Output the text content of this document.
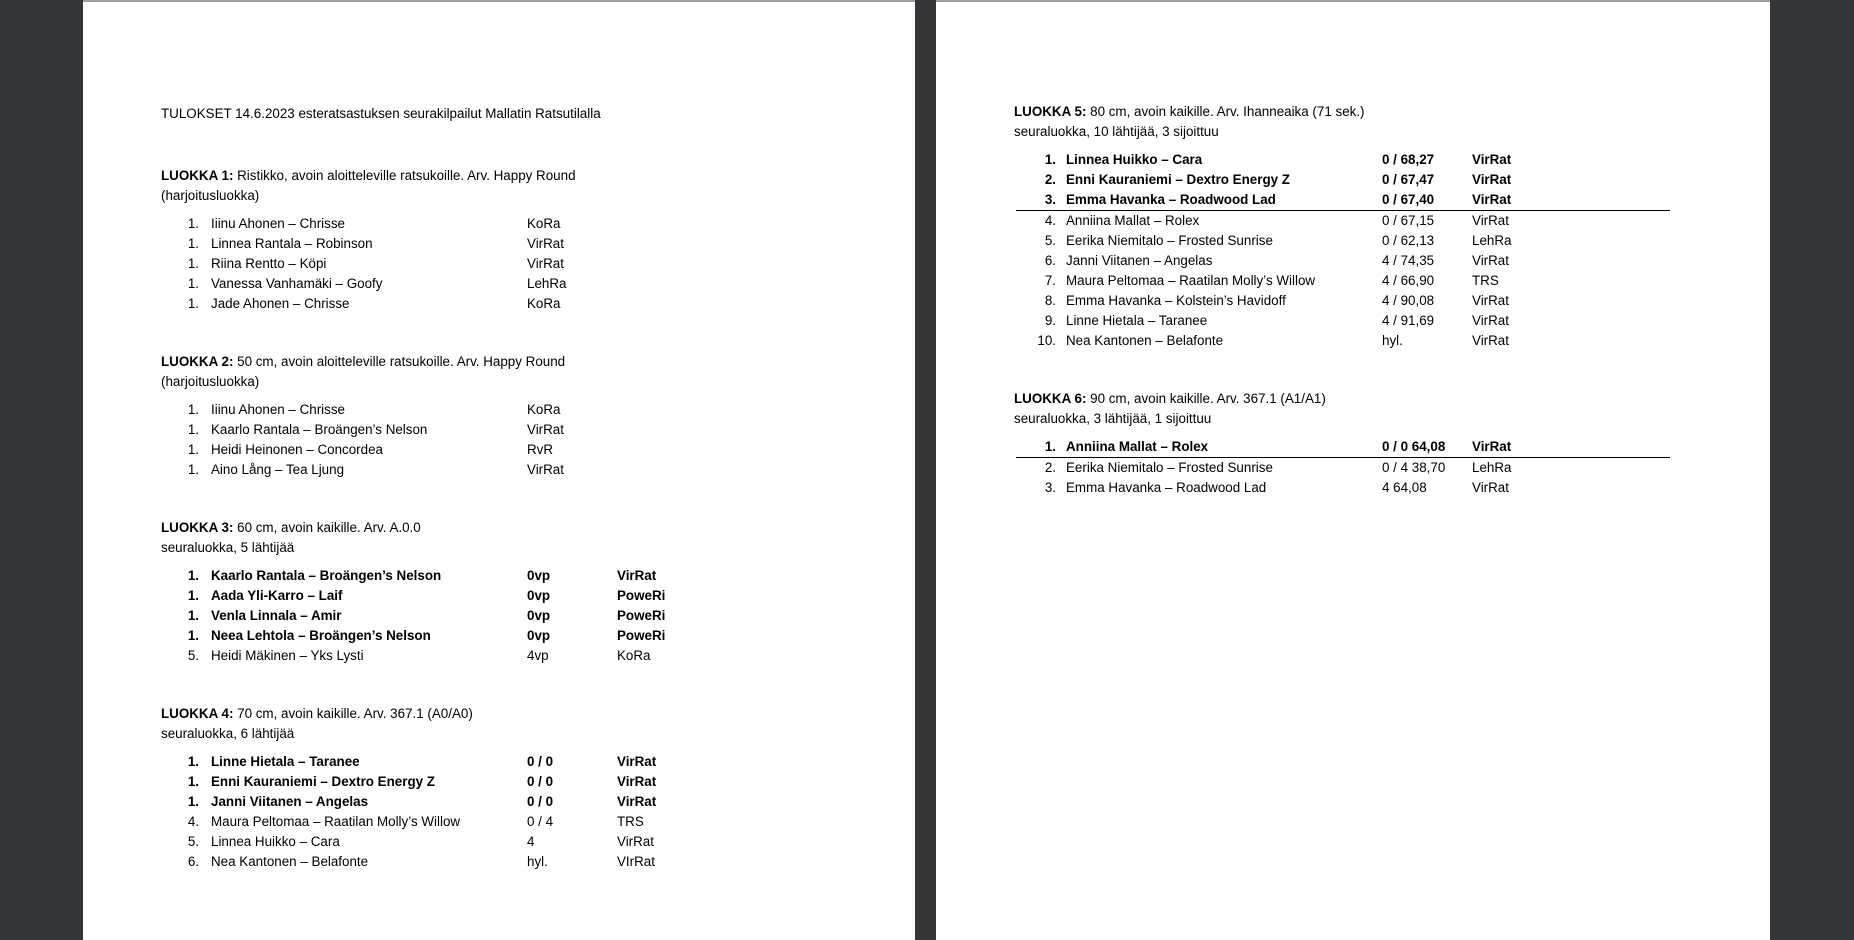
TULOKSET 14.6.2023 esteratsastuksen seurakilpailut Mallatin Ratsutilalla
LUOKKA 1: Ristikko, avoin aloitteleville ratsukoille. Arv. Happy Round
(harjoitusluokka)
1. Iiinu Ahonen – Chrisse	KoRa
1. Linnea Rantala – Robinson	VirRat
1. Riina Rentto – Köpi	VirRat
1. Vanessa Vanhamäki – Goofy	LehRa
1. Jade Ahonen – Chrisse	KoRa
LUOKKA 2: 50 cm, avoin aloitteleville ratsukoille. Arv. Happy Round
(harjoitusluokka)
1. Iiinu Ahonen – Chrisse	KoRa
1. Kaarlo Rantala – Broängen’s Nelson	VirRat
1. Heidi Heinonen – Concordea	RvR
1. Aino Lång – Tea Ljung	VirRat
LUOKKA 3: 60 cm, avoin kaikille. Arv. A.0.0
seuraluokka, 5 lähtijää
1. Kaarlo Rantala – Broängen’s Nelson	0vp	VirRat
1. Aada Yli-Karro – Laif	0vp	PoweRi
1. Venla Linnala – Amir	0vp	PoweRi
1. Neea Lehtola – Broängen’s Nelson	0vp	PoweRi
5. Heidi Mäkinen – Yks Lysti	4vp	KoRa
LUOKKA 4: 70 cm, avoin kaikille. Arv. 367.1 (A0/A0)
seuraluokka, 6 lähtijää
1. Linne Hietala – Taranee	0 / 0	VirRat
1. Enni Kauraniemi – Dextro Energy Z	0 / 0	VirRat
1. Janni Viitanen – Angelas	0 / 0	VirRat
4. Maura Peltomaa – Raatilan Molly’s Willow	0 / 4	TRS
5. Linnea Huikko – Cara	4	VirRat
6. Nea Kantonen – Belafonte	hyl.	VIrRat
LUOKKA 5: 80 cm, avoin kaikille. Arv. Ihanneaika (71 sek.)
seuraluokka, 10 lähtijää, 3 sijoittuu
1. Linnea Huikko – Cara	0 / 68,27	VirRat
2. Enni Kauraniemi – Dextro Energy Z	0 / 67,47	VirRat
3. Emma Havanka – Roadwood Lad	0 / 67,40	VirRat
4. Anniina Mallat – Rolex	0 / 67,15	VirRat
5. Eerika Niemitalo – Frosted Sunrise	0 / 62,13	LehRa
6. Janni Viitanen – Angelas	4 / 74,35	VirRat
7. Maura Peltomaa – Raatilan Molly’s Willow	4 / 66,90	TRS
8. Emma Havanka – Kolstein’s Havidoff	4 / 90,08	VirRat
9. Linne Hietala – Taranee	4 / 91,69	VirRat
10. Nea Kantonen – Belafonte	hyl.	VirRat
LUOKKA 6: 90 cm, avoin kaikille. Arv. 367.1 (A1/A1)
seuraluokka, 3 lähtijää, 1 sijoittuu
1. Anniina Mallat – Rolex	0 / 0 64,08 VirRat
2. Eerika Niemitalo – Frosted Sunrise	0 / 4 38,70 LehRa
3. Emma Havanka – Roadwood Lad	4 64,08	VirRat
